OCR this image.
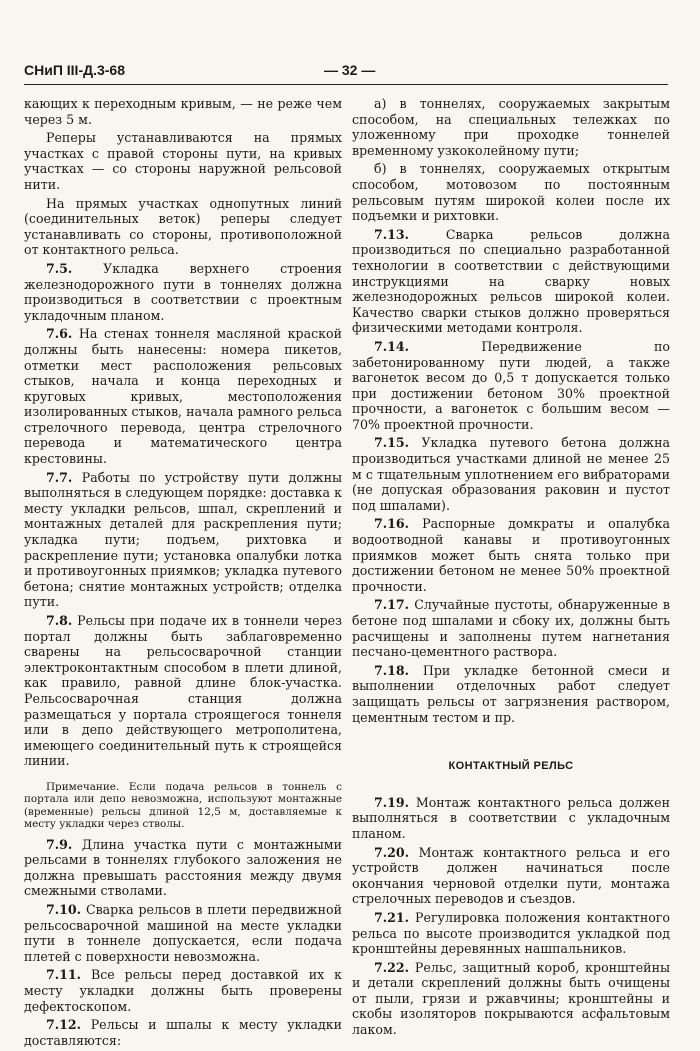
СНиП III-Д.3-68	— 32 —

кающих к переходным кривым, — не реже чем через 5 м.

Реперы устанавливаются на прямых участках с правой стороны пути, на кривых участках — со стороны наружной рельсовой нити.

На прямых участках однопутных линий (соединительных веток) реперы следует устанавливать со стороны, противоположной от контактного рельса.

7.5. Укладка верхнего строения железнодорожного пути в тоннелях должна производиться в соответствии с проектным укладочным планом.

7.6. На стенах тоннеля масляной краской должны быть нанесены: номера пикетов, отметки мест расположения рельсовых стыков, начала и конца переходных и круговых кривых, местоположения изолированных стыков, начала рамного рельса стрелочного перевода, центра стрелочного перевода и математического центра крестовины.

7.7. Работы по устройству пути должны выполняться в следующем порядке: доставка к месту укладки рельсов, шпал, скреплений и монтажных деталей для раскрепления пути; укладка пути; подъем, рихтовка и раскрепление пути; установка опалубки лотка и противоугонных приямков; укладка путевого бетона; снятие монтажных устройств; отделка пути.

7.8. Рельсы при подаче их в тоннели через портал должны быть заблаговременно сварены на рельсосварочной станции электроконтактным способом в плети длиной, как правило, равной длине блок-участка. Рельсосварочная станция должна размещаться у портала строящегося тоннеля или в депо действующего метрополитена, имеющего соединительный путь к строящейся линии.

Примечание. Если подача рельсов в тоннель с портала или депо невозможна, используют монтажные (временные) рельсы длиной 12,5 м, доставляемые к месту укладки через стволы.

7.9. Длина участка пути с монтажными рельсами в тоннелях глубокого заложения не должна превышать расстояния между двумя смежными стволами.

7.10. Сварка рельсов в плети передвижной рельсосварочной машиной на месте укладки пути в тоннеле допускается, если подача плетей с поверхности невозможна.

7.11. Все рельсы перед доставкой их к месту укладки должны быть проверены дефектоскопом.

7.12. Рельсы и шпалы к месту укладки доставляются:

а) в тоннелях, сооружаемых закрытым способом, на специальных тележках по уложенному при проходке тоннелей временному узкоколейному пути;

б) в тоннелях, сооружаемых открытым способом, мотовозом по постоянным рельсовым путям широкой колеи после их подъемки и рихтовки.

7.13.	Сварка рельсов должна производиться по специально разработанной технологии в соответствии с действующими инструкциями на сварку новых железнодорожных рельсов широкой колеи. Качество сварки стыков должно проверяться физическими методами контроля.

7.14.	Передвижение по забетонированному пути людей, а также вагонеток весом до 0,5 т допускается только при достижении бетоном 30% проектной прочности, а вагонеток с большим весом — 70% проектной прочности.

7.15. Укладка путевого бетона должна производиться участками длиной не менее 25 м с тщательным уплотнением его вибраторами (не допуская образования раковин и пустот под шпалами).

7.16. Распорные домкраты и опалубка водоотводной канавы и противоугонных приямков может быть снята только при достижении бетоном не менее 50% проектной прочности.

7.17. Случайные пустоты, обнаруженные в бетоне под шпалами и сбоку их, должны быть расчищены и заполнены путем нагнетания песчано-цементного раствора.

7.18. При укладке бетонной смеси и выполнении отделочных работ следует защищать рельсы от загрязнения раствором, цементным тестом и пр.

КОНТАКТНЫЙ РЕЛЬС

7.19. Монтаж контактного рельса должен выполняться в соответствии с укладочным планом.

7.20. Монтаж контактного рельса и его устройств должен начинаться после окончания черновой отделки пути, монтажа стрелочных переводов и съездов.

7.21. Регулировка положения контактного рельса по высоте производится укладкой под кронштейны деревянных нашпальников.

7.22. Рельс, защитный короб, кронштейны и детали скреплений должны быть очищены от пыли, грязи и ржавчины; кронштейны и скобы изоляторов покрываются асфальтовым лаком.
